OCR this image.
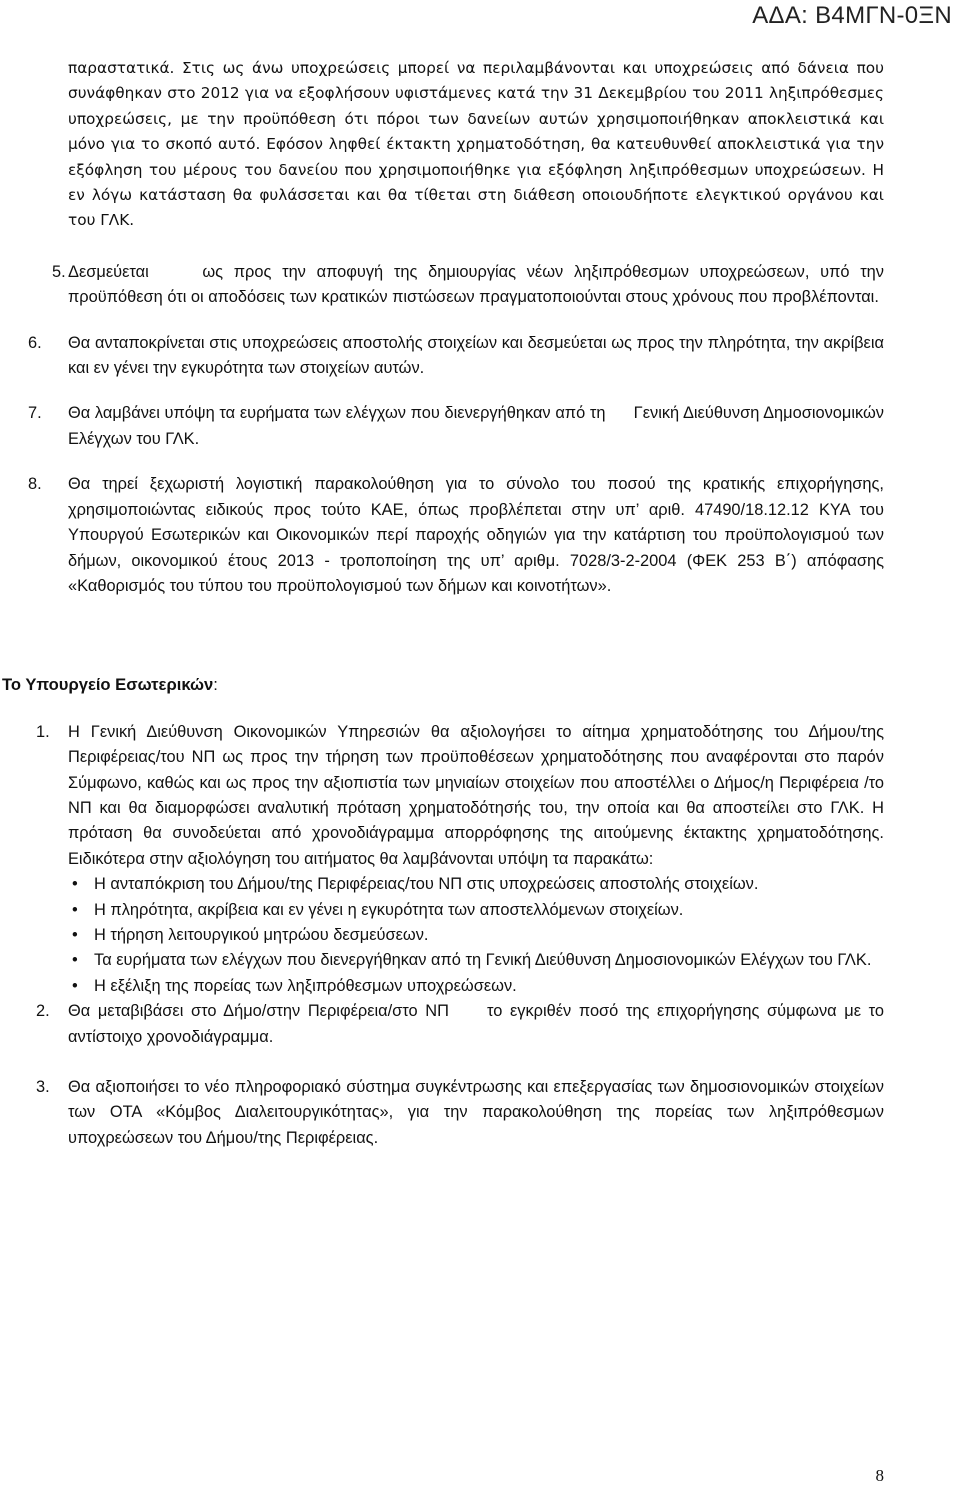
ΑΔΑ: Β4ΜΓΝ-0ΞΝ

παραστατικά. Στις ως άνω υποχρεώσεις μπορεί να περιλαμβάνονται και υποχρεώσεις από δάνεια που συνάφθηκαν στο 2012 για να εξοφλήσουν υφιστάμενες κατά την 31 Δεκεμβρίου του 2011 ληξιπρόθεσμες υποχρεώσεις, με την προϋπόθεση ότι πόροι των δανείων αυτών χρησιμοποιήθηκαν αποκλειστικά και μόνο για το σκοπό αυτό. Εφόσον ληφθεί έκτακτη χρηματοδότηση, θα κατευθυνθεί αποκλειστικά για την εξόφληση του μέρους του δανείου που χρησιμοποιήθηκε για εξόφληση ληξιπρόθεσμων υποχρεώσεων. Η εν λόγω κατάσταση θα φυλάσσεται και θα τίθεται στη διάθεση οποιουδήποτε ελεγκτικού οργάνου και του ΓΛΚ.

5. Δεσμεύεται     ως προς την αποφυγή της δημιουργίας νέων ληξιπρόθεσμων υποχρεώσεων, υπό την προϋπόθεση ότι οι αποδόσεις των κρατικών πιστώσεων πραγματοποιούνται στους χρόνους που προβλέπονται.

6. Θα ανταποκρίνεται στις υποχρεώσεις αποστολής στοιχείων και δεσμεύεται ως προς την πληρότητα, την ακρίβεια και εν γένει την εγκυρότητα των στοιχείων αυτών.

7. Θα λαμβάνει υπόψη τα ευρήματα των ελέγχων που διενεργήθηκαν από τη      Γενική Διεύθυνση Δημοσιονομικών Ελέγχων του ΓΛΚ.

8. Θα τηρεί ξεχωριστή λογιστική παρακολούθηση για το σύνολο του ποσού της κρατικής επιχορήγησης, χρησιμοποιώντας ειδικούς προς τούτο ΚΑΕ, όπως προβλέπεται στην υπ’ αριθ. 47490/18.12.12 ΚΥΑ του Υπουργού Εσωτερικών και Οικονομικών περί παροχής οδηγιών για την κατάρτιση του προϋπολογισμού των δήμων, οικονομικού έτους 2013 - τροποποίηση της υπ’ αριθμ. 7028/3-2-2004 (ΦΕΚ 253 Β΄) απόφασης «Καθορισμός του τύπου του προϋπολογισμού των δήμων και κοινοτήτων».

Το Υπουργείο Εσωτερικών:

1. Η Γενική Διεύθυνση Οικονομικών Υπηρεσιών θα αξιολογήσει το αίτημα χρηματοδότησης του Δήμου/της Περιφέρειας/του ΝΠ ως προς την τήρηση των προϋποθέσεων χρηματοδότησης που αναφέρονται στο παρόν Σύμφωνο, καθώς και ως προς την αξιοπιστία των μηνιαίων στοιχείων που αποστέλλει ο Δήμος/η Περιφέρεια /το ΝΠ και θα διαμορφώσει αναλυτική πρόταση χρηματοδότησής του, την οποία και θα αποστείλει στο ΓΛΚ. Η πρόταση θα συνοδεύεται από χρονοδιάγραμμα απορρόφησης της αιτούμενης έκτακτης χρηματοδότησης. Ειδικότερα στην αξιολόγηση του αιτήματος θα λαμβάνονται υπόψη τα παρακάτω:

• Η ανταπόκριση του Δήμου/της Περιφέρειας/του ΝΠ στις υποχρεώσεις αποστολής στοιχείων.
• Η πληρότητα, ακρίβεια και εν γένει η εγκυρότητα των αποστελλόμενων στοιχείων.
• Η τήρηση λειτουργικού μητρώου δεσμεύσεων.
• Τα ευρήματα των ελέγχων που διενεργήθηκαν από τη Γενική Διεύθυνση Δημοσιονομικών Ελέγχων του ΓΛΚ.
• Η εξέλιξη της πορείας των ληξιπρόθεσμων υποχρεώσεων.

2. Θα μεταβιβάσει στο Δήμο/στην Περιφέρεια/στο ΝΠ     το εγκριθέν ποσό της επιχορήγησης σύμφωνα με το αντίστοιχο χρονοδιάγραμμα.

3. Θα αξιοποιήσει το νέο πληροφοριακό σύστημα συγκέντρωσης και επεξεργασίας των δημοσιονομικών στοιχείων των ΟΤΑ «Κόμβος Διαλειτουργικότητας», για την παρακολούθηση της πορείας των ληξιπρόθεσμων υποχρεώσεων του Δήμου/της Περιφέρειας.

8
